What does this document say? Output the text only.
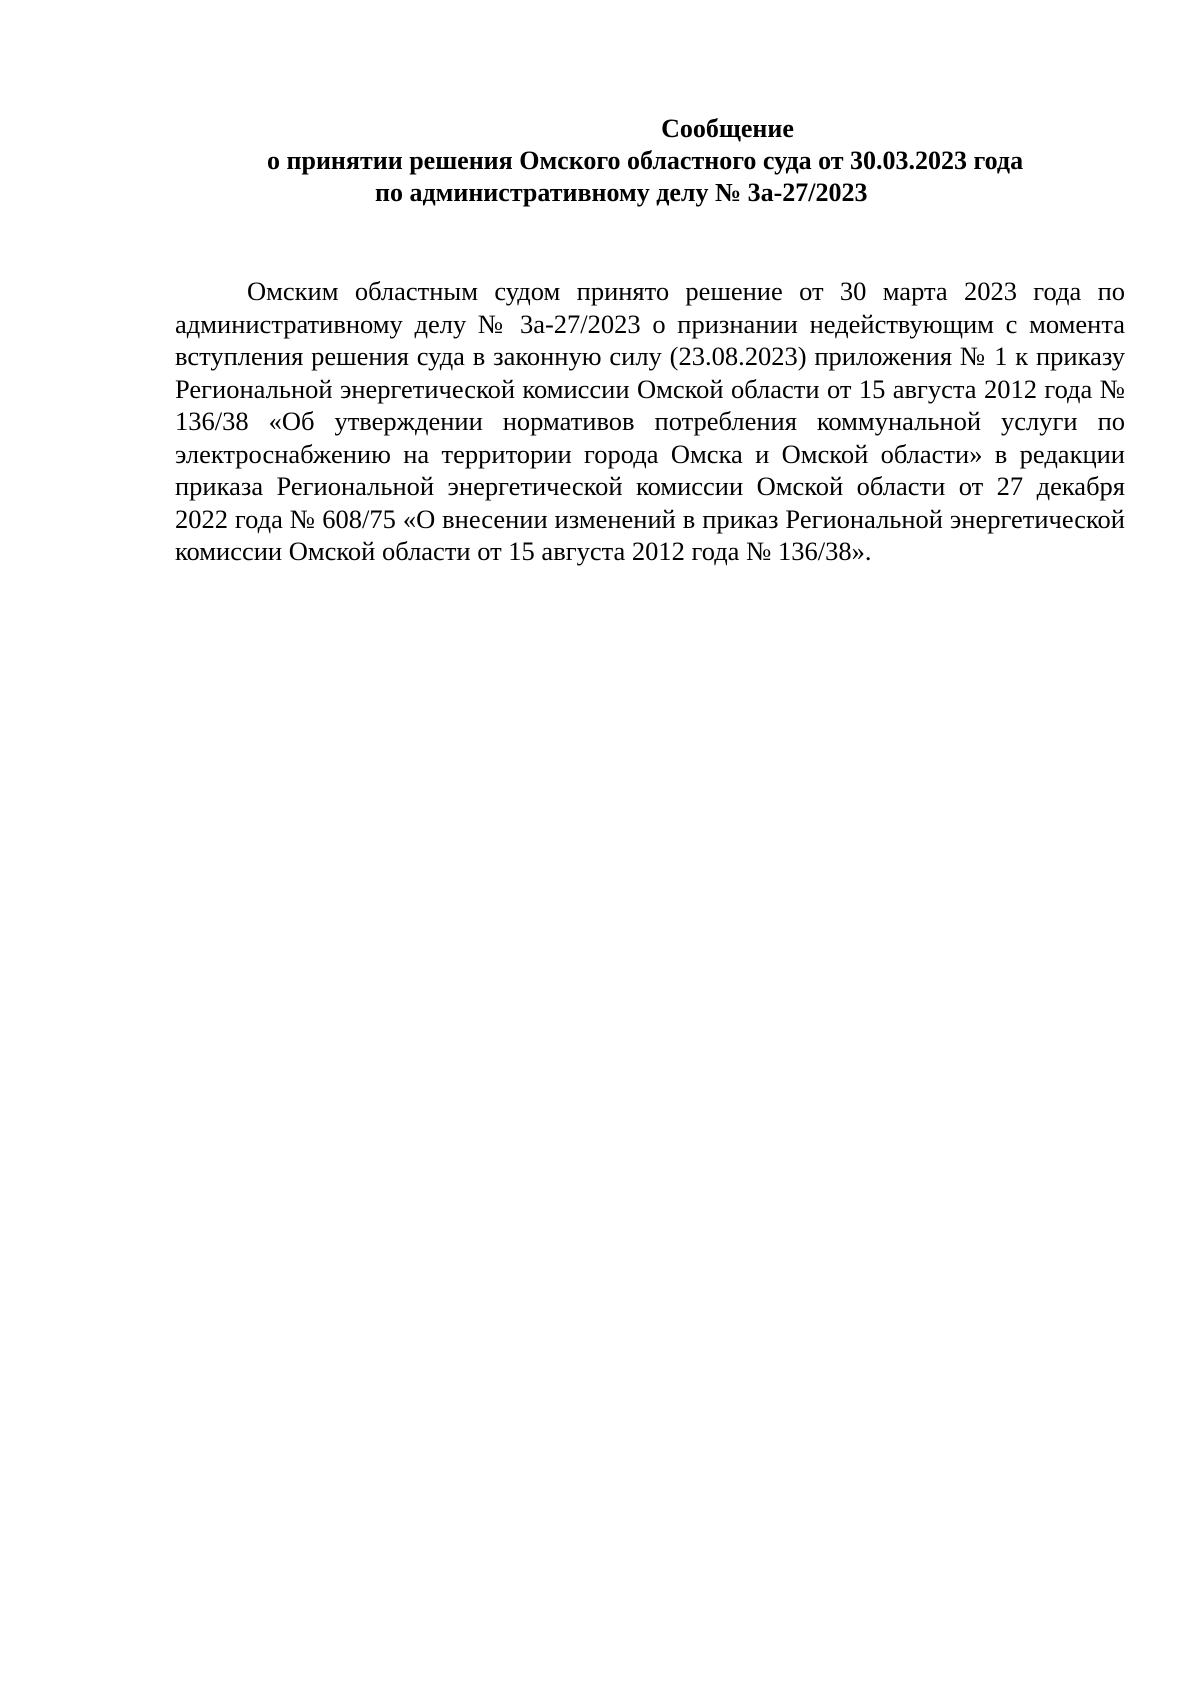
Сообщение
о принятии решения Омского областного суда от 30.03.2023 года
по административному делу № 3а-27/2023

Омским областным судом принято решение от 30 марта 2023 года по административному делу № 3а-27/2023 о признании недействующим с момента вступления решения суда в законную силу (23.08.2023) приложения № 1 к приказу Региональной энергетической комиссии Омской области от 15 августа 2012 года № 136/38 «Об утверждении нормативов потребления коммунальной услуги по электроснабжению на территории города Омска и Омской области» в редакции приказа Региональной энергетической комиссии Омской области от 27 декабря 2022 года № 608/75 «О внесении изменений в приказ Региональной энергетической комиссии Омской области от 15 августа 2012 года № 136/38».
